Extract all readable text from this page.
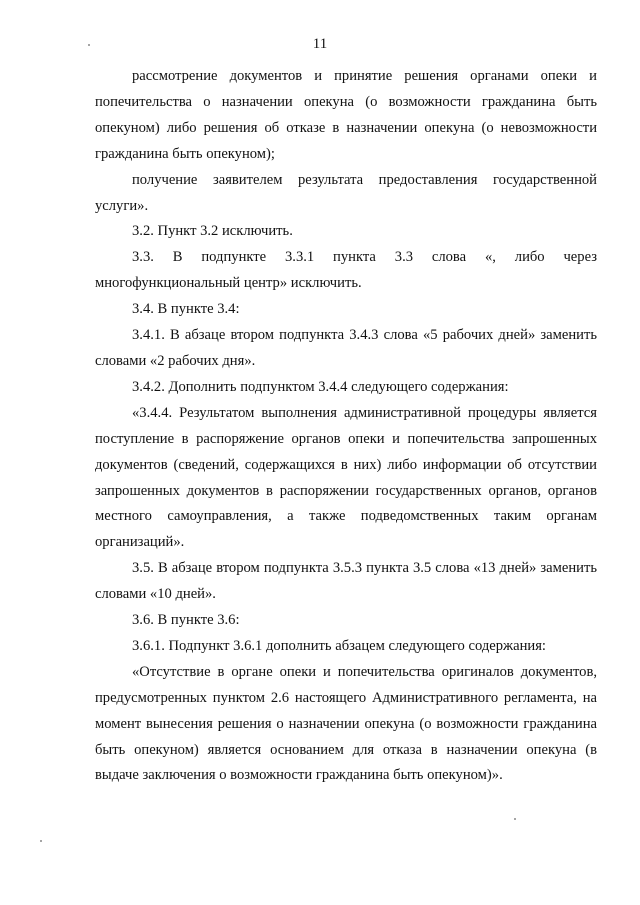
11

рассмотрение документов и принятие решения органами опеки и попечительства о назначении опекуна (о возможности гражданина быть опекуном) либо решения об отказе в назначении опекуна (о невозможности гражданина быть опекуном);

получение заявителем результата предоставления государственной услуги».

3.2. Пункт 3.2 исключить.

3.3. В подпункте 3.3.1 пункта 3.3 слова «, либо через многофункциональный центр» исключить.

3.4. В пункте 3.4:

3.4.1. В абзаце втором подпункта 3.4.3 слова «5 рабочих дней» заменить словами «2 рабочих дня».

3.4.2. Дополнить подпунктом 3.4.4 следующего содержания:

«3.4.4. Результатом выполнения административной процедуры является поступление в распоряжение органов опеки и попечительства запрошенных документов (сведений, содержащихся в них) либо информации об отсутствии запрошенных документов в распоряжении государственных органов, органов местного самоуправления, а также подведомственных таким органам организаций».

3.5. В абзаце втором подпункта 3.5.3 пункта 3.5 слова «13 дней» заменить словами «10 дней».

3.6. В пункте 3.6:

3.6.1. Подпункт 3.6.1 дополнить абзацем следующего содержания:

«Отсутствие в органе опеки и попечительства оригиналов документов, предусмотренных пунктом 2.6 настоящего Административного регламента, на момент вынесения решения о назначении опекуна (о возможности гражданина быть опекуном) является основанием для отказа в назначении опекуна (в выдаче заключения о возможности гражданина быть опекуном)».
